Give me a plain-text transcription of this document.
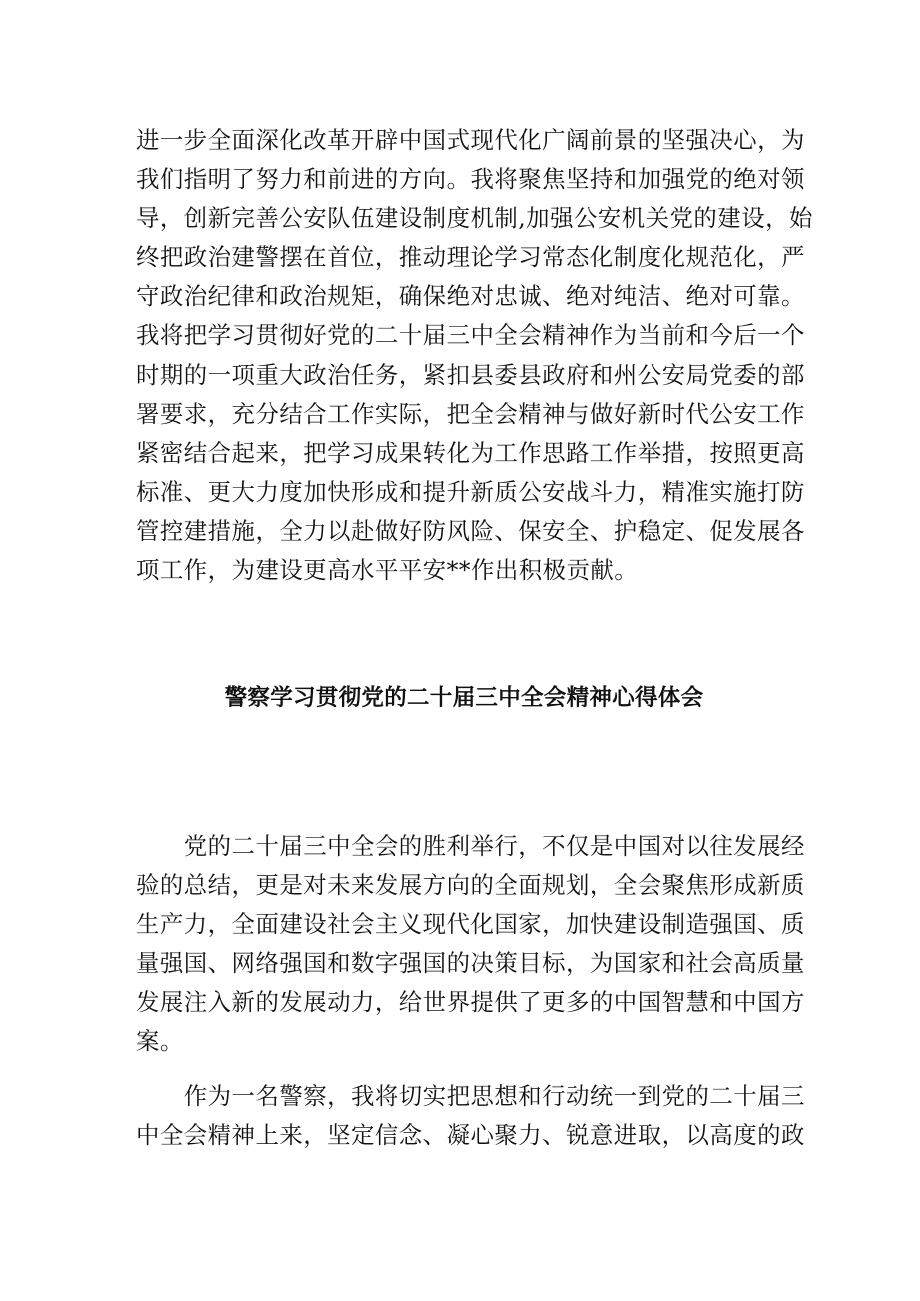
进一步全面深化改革开辟中国式现代化广阔前景的坚强决心，为
我们指明了努力和前进的方向。我将聚焦坚持和加强党的绝对领
导，创新完善公安队伍建设制度机制,加强公安机关党的建设，始
终把政治建警摆在首位，推动理论学习常态化制度化规范化，严
守政治纪律和政治规矩，确保绝对忠诚、绝对纯洁、绝对可靠。
我将把学习贯彻好党的二十届三中全会精神作为当前和今后一个
时期的一项重大政治任务，紧扣县委县政府和州公安局党委的部
署要求，充分结合工作实际，把全会精神与做好新时代公安工作
紧密结合起来，把学习成果转化为工作思路工作举措，按照更高
标准、更大力度加快形成和提升新质公安战斗力，精准实施打防
管控建措施，全力以赴做好防风险、保安全、护稳定、促发展各
项工作，为建设更高水平平安**作出积极贡献。

警察学习贯彻党的二十届三中全会精神心得体会

　　党的二十届三中全会的胜利举行，不仅是中国对以往发展经
验的总结，更是对未来发展方向的全面规划，全会聚焦形成新质
生产力，全面建设社会主义现代化国家，加快建设制造强国、质
量强国、网络强国和数字强国的决策目标，为国家和社会高质量
发展注入新的发展动力，给世界提供了更多的中国智慧和中国方
案。

　　作为一名警察，我将切实把思想和行动统一到党的二十届三
中全会精神上来，坚定信念、凝心聚力、锐意进取，以高度的政
